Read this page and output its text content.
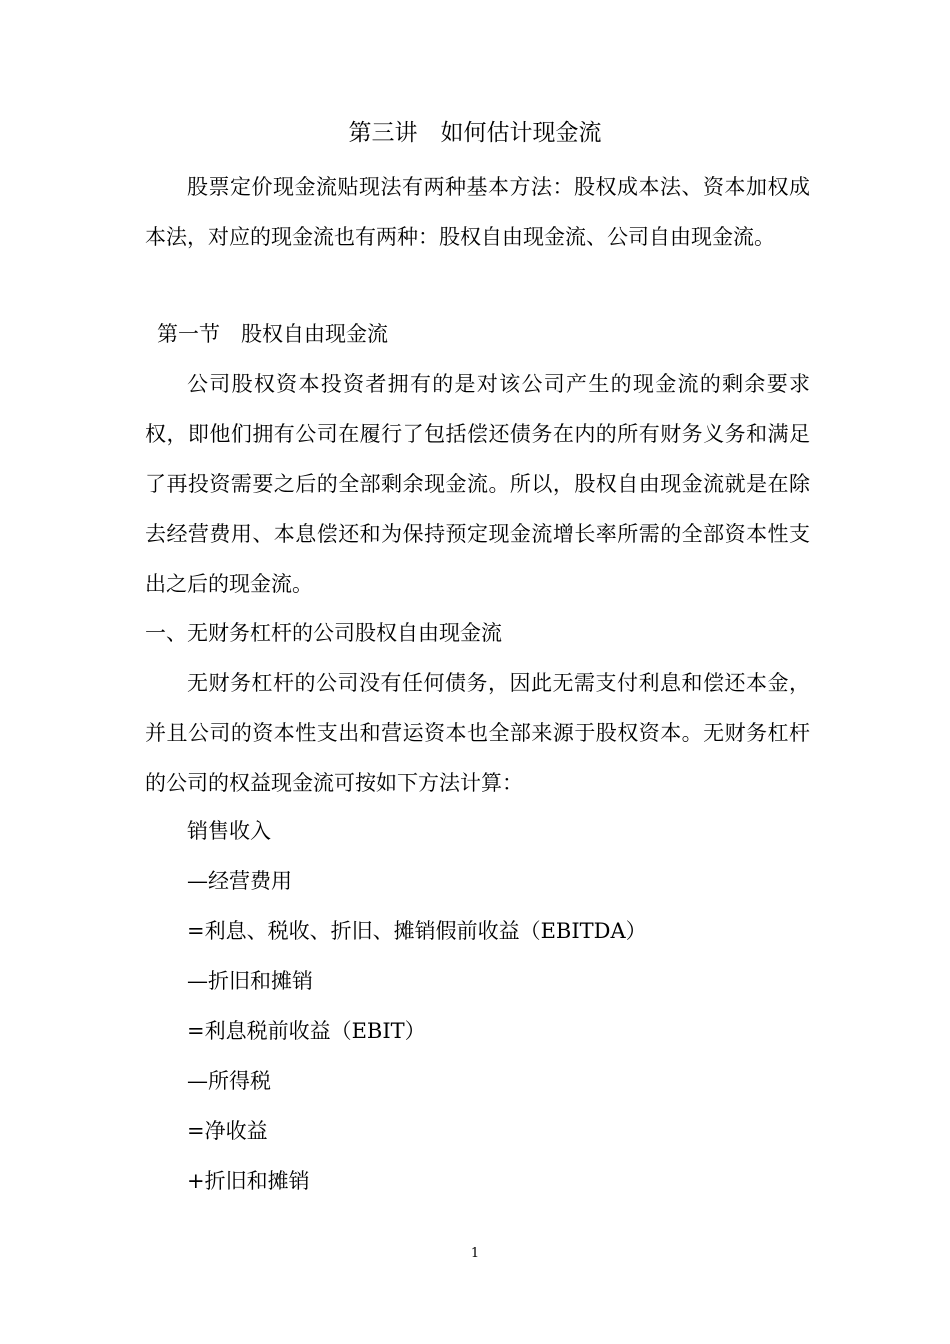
第三讲　如何估计现金流
股票定价现金流贴现法有两种基本方法：股权成本法、资本加权成本法，对应的现金流也有两种：股权自由现金流、公司自由现金流。
第一节　股权自由现金流
公司股权资本投资者拥有的是对该公司产生的现金流的剩余要求权，即他们拥有公司在履行了包括偿还债务在内的所有财务义务和满足了再投资需要之后的全部剩余现金流。所以，股权自由现金流就是在除去经营费用、本息偿还和为保持预定现金流增长率所需的全部资本性支出之后的现金流。
一、无财务杠杆的公司股权自由现金流
无财务杠杆的公司没有任何债务，因此无需支付利息和偿还本金，并且公司的资本性支出和营运资本也全部来源于股权资本。无财务杠杆的公司的权益现金流可按如下方法计算：
销售收入
—经营费用
=利息、税收、折旧、摊销假前收益（EBITDA）
—折旧和摊销
=利息税前收益（EBIT）
—所得税
=净收益
+折旧和摊销
1
